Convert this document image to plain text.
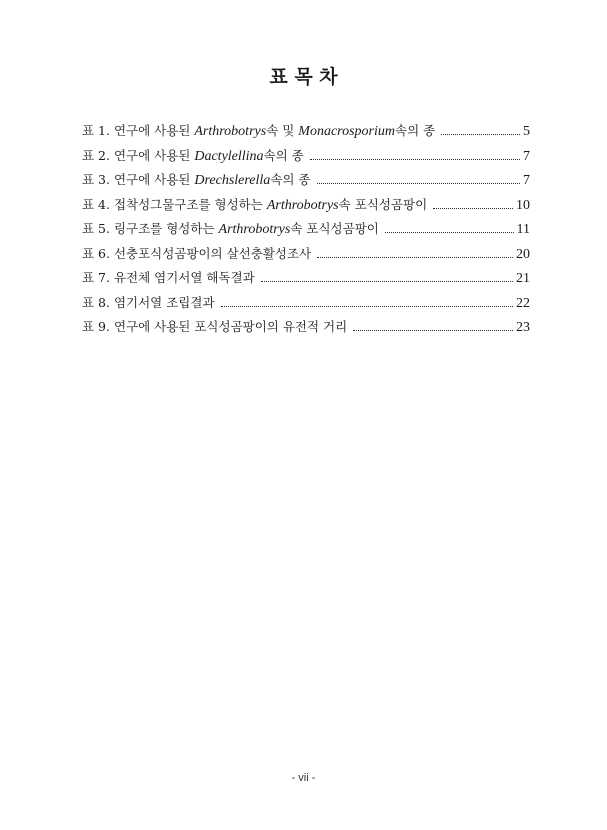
표 목 차
표 1. 연구에 사용된 Arthrobotrys속 및 Monacrosporium속의 종	5
표 2. 연구에 사용된 Dactylellina속의 종	7
표 3. 연구에 사용된 Drechslerella속의 종	7
표 4. 접착성그물구조를 형성하는 Arthrobotrys속 포식성곰팡이	10
표 5. 링구조를 형성하는 Arthrobotrys속 포식성곰팡이	11
표 6. 선충포식성곰팡이의 살선충활성조사	20
표 7. 유전체 염기서열 해독결과	21
표 8. 염기서열 조립결과	22
표 9. 연구에 사용된 포식성곰팡이의 유전적 거리	23

- vii -
